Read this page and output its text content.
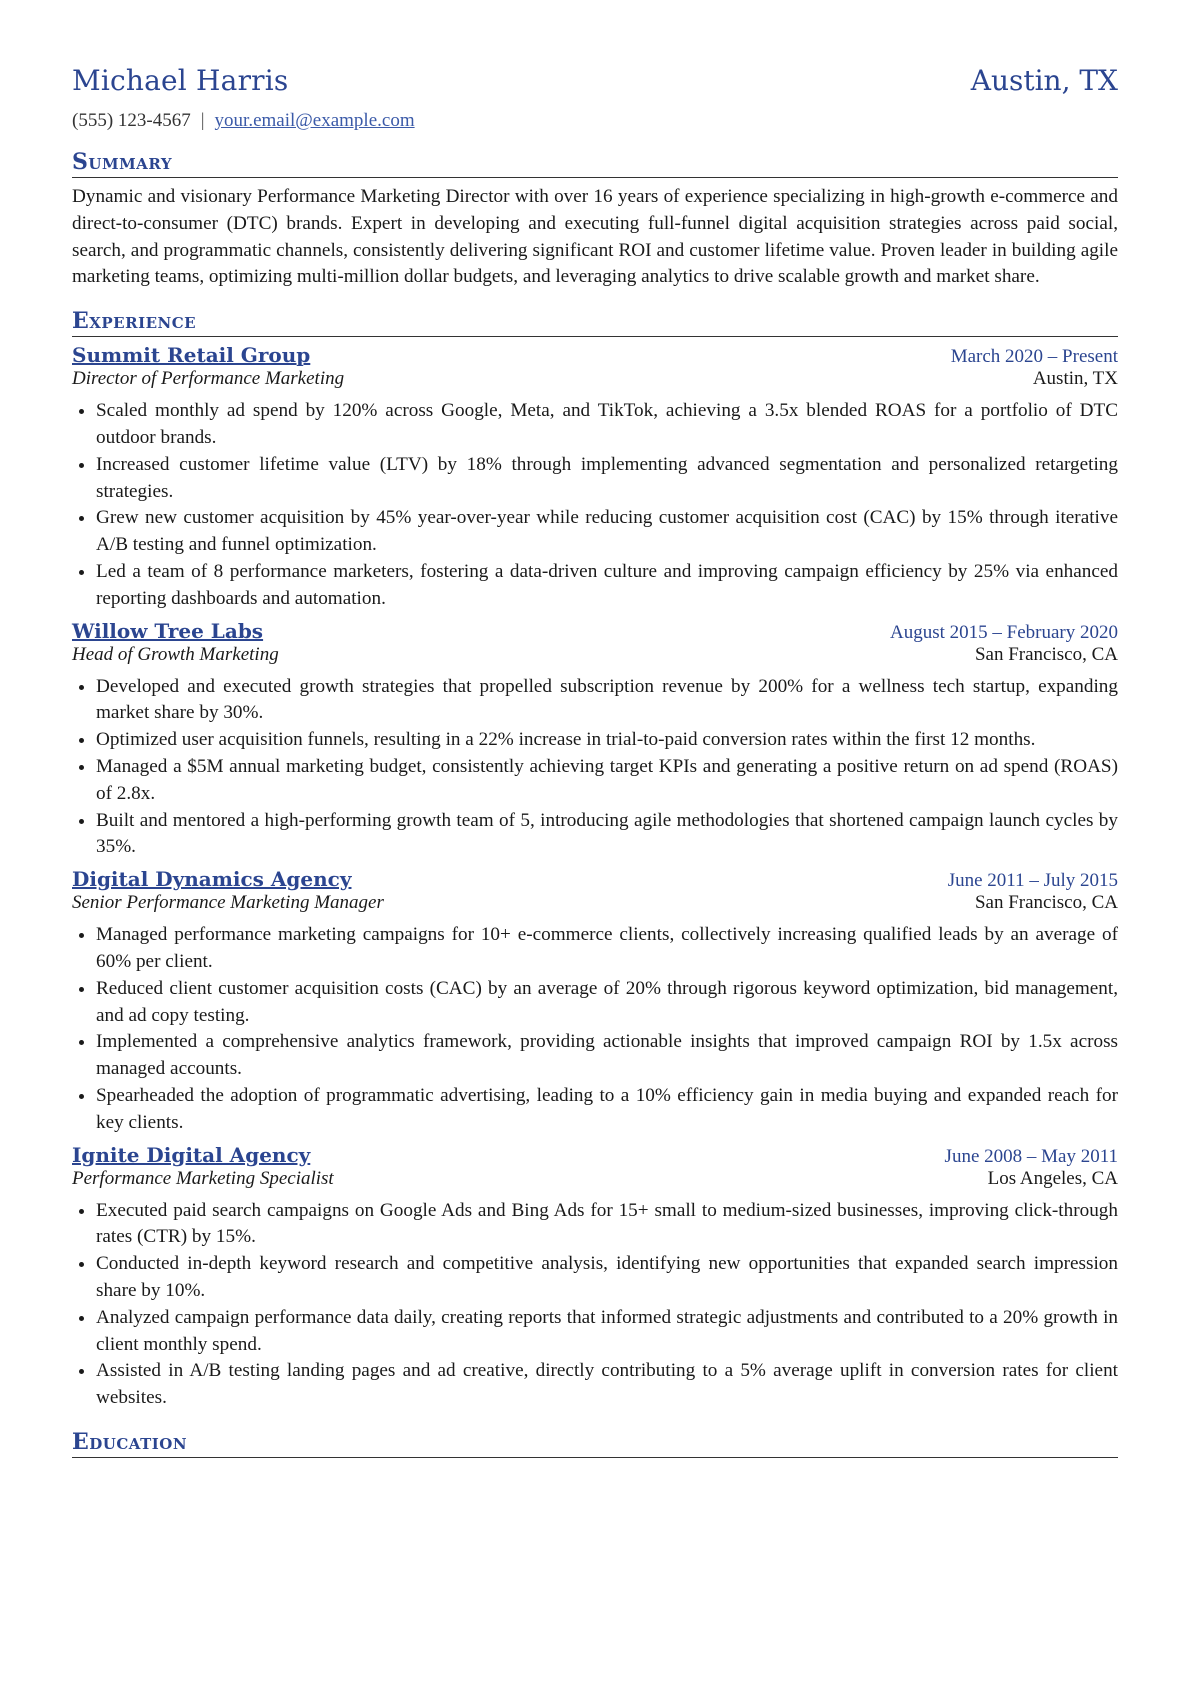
Michael Harris	Austin, TX
(555) 123-4567 | your.email@example.com
Summary
Dynamic and visionary Performance Marketing Director with over 16 years of experience specializing in high-growth e-commerce and direct-to-consumer (DTC) brands. Expert in developing and executing full-funnel digital acquisition strategies across paid social, search, and programmatic channels, consistently delivering significant ROI and customer lifetime value. Proven leader in building agile marketing teams, optimizing multi-million dollar budgets, and leveraging analytics to drive scalable growth and market share.
Experience
Summit Retail Group	March 2020 – Present
Director of Performance Marketing	Austin, TX
• Scaled monthly ad spend by 120% across Google, Meta, and TikTok, achieving a 3.5x blended ROAS for a portfolio of DTC outdoor brands.
• Increased customer lifetime value (LTV) by 18% through implementing advanced segmentation and personalized retargeting strategies.
• Grew new customer acquisition by 45% year-over-year while reducing customer acquisition cost (CAC) by 15% through iterative A/B testing and funnel optimization.
• Led a team of 8 performance marketers, fostering a data-driven culture and improving campaign efficiency by 25% via enhanced reporting dashboards and automation.
Willow Tree Labs	August 2015 – February 2020
Head of Growth Marketing	San Francisco, CA
• Developed and executed growth strategies that propelled subscription revenue by 200% for a wellness tech startup, expanding market share by 30%.
• Optimized user acquisition funnels, resulting in a 22% increase in trial-to-paid conversion rates within the first 12 months.
• Managed a $5M annual marketing budget, consistently achieving target KPIs and generating a positive return on ad spend (ROAS) of 2.8x.
• Built and mentored a high-performing growth team of 5, introducing agile methodologies that shortened campaign launch cycles by 35%.
Digital Dynamics Agency	June 2011 – July 2015
Senior Performance Marketing Manager	San Francisco, CA
• Managed performance marketing campaigns for 10+ e-commerce clients, collectively increasing qualified leads by an average of 60% per client.
• Reduced client customer acquisition costs (CAC) by an average of 20% through rigorous keyword optimization, bid management, and ad copy testing.
• Implemented a comprehensive analytics framework, providing actionable insights that improved campaign ROI by 1.5x across managed accounts.
• Spearheaded the adoption of programmatic advertising, leading to a 10% efficiency gain in media buying and expanded reach for key clients.
Ignite Digital Agency	June 2008 – May 2011
Performance Marketing Specialist	Los Angeles, CA
• Executed paid search campaigns on Google Ads and Bing Ads for 15+ small to medium-sized businesses, improving click-through rates (CTR) by 15%.
• Conducted in-depth keyword research and competitive analysis, identifying new opportunities that expanded search impression share by 10%.
• Analyzed campaign performance data daily, creating reports that informed strategic adjustments and contributed to a 20% growth in client monthly spend.
• Assisted in A/B testing landing pages and ad creative, directly contributing to a 5% average uplift in conversion rates for client websites.
Education
